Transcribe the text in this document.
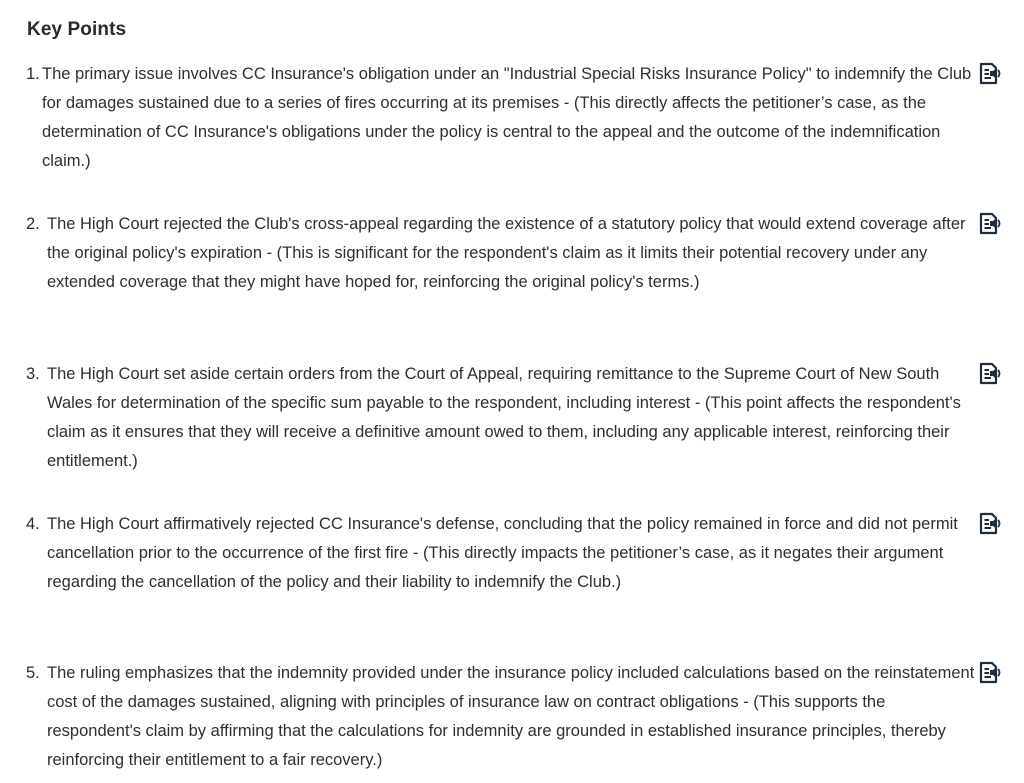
Key Points
1. The primary issue involves CC Insurance's obligation under an "Industrial Special Risks Insurance Policy" to indemnify the Club for damages sustained due to a series of fires occurring at its premises - (This directly affects the petitioner’s case, as the determination of CC Insurance's obligations under the policy is central to the appeal and the outcome of the indemnification claim.)
2. The High Court rejected the Club's cross-appeal regarding the existence of a statutory policy that would extend coverage after the original policy's expiration - (This is significant for the respondent's claim as it limits their potential recovery under any extended coverage that they might have hoped for, reinforcing the original policy's terms.)
3. The High Court set aside certain orders from the Court of Appeal, requiring remittance to the Supreme Court of New South Wales for determination of the specific sum payable to the respondent, including interest - (This point affects the respondent's claim as it ensures that they will receive a definitive amount owed to them, including any applicable interest, reinforcing their entitlement.)
4. The High Court affirmatively rejected CC Insurance's defense, concluding that the policy remained in force and did not permit cancellation prior to the occurrence of the first fire - (This directly impacts the petitioner’s case, as it negates their argument regarding the cancellation of the policy and their liability to indemnify the Club.)
5. The ruling emphasizes that the indemnity provided under the insurance policy included calculations based on the reinstatement cost of the damages sustained, aligning with principles of insurance law on contract obligations - (This supports the respondent's claim by affirming that the calculations for indemnity are grounded in established insurance principles, thereby reinforcing their entitlement to a fair recovery.)
